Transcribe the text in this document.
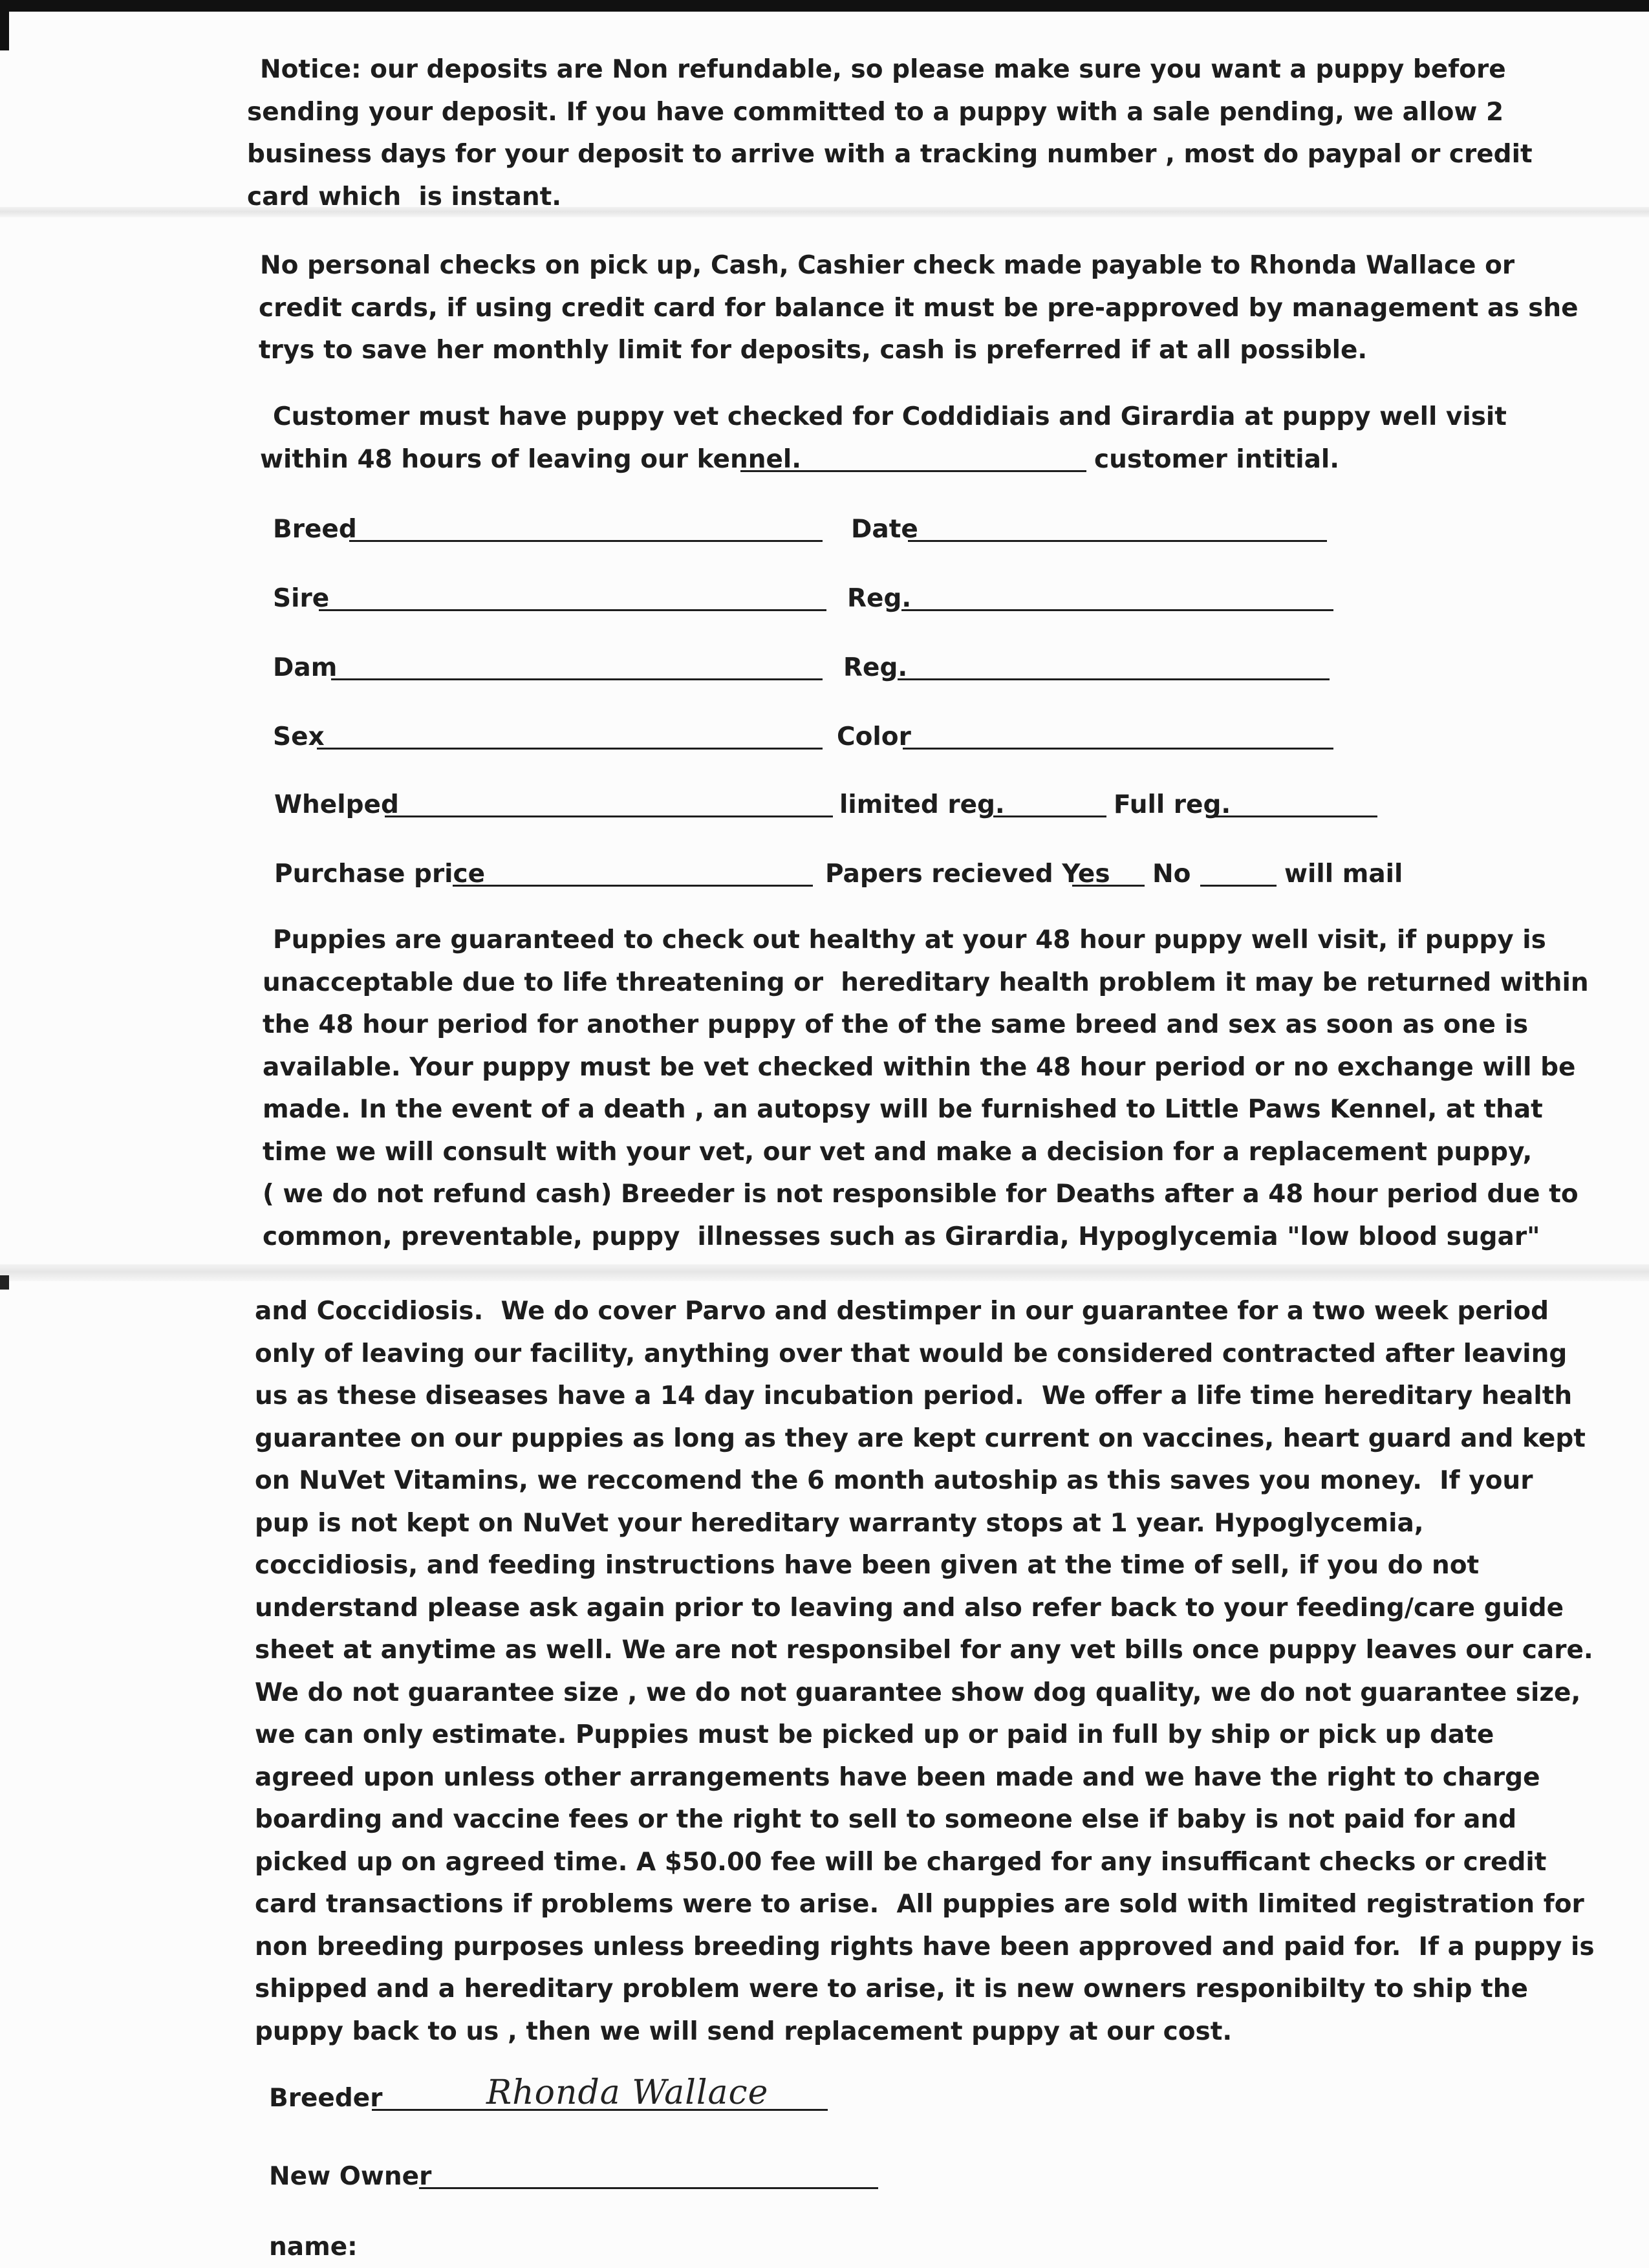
Notice: our deposits are Non refundable, so please make sure you want a puppy before
sending your deposit. If you have committed to a puppy with a sale pending, we allow 2
business days for your deposit to arrive with a tracking number , most do paypal or credit
card which  is instant.
No personal checks on pick up, Cash, Cashier check made payable to Rhonda Wallace or
credit cards, if using credit card for balance it must be pre-approved by management as she
trys to save her monthly limit for deposits, cash is preferred if at all possible.
Customer must have puppy vet checked for Coddidiais and Girardia at puppy well visit
within 48 hours of leaving our kennel.	customer intitial.
Breed	Date
Sire	Reg.
Dam	Reg.
Sex	Color
Whelped	limited reg.	Full reg.
Purchase price	Papers recieved Yes No	will mail
Puppies are guaranteed to check out healthy at your 48 hour puppy well visit, if puppy is
unacceptable due to life threatening or  hereditary health problem it may be returned within
the 48 hour period for another puppy of the of the same breed and sex as soon as one is
available. Your puppy must be vet checked within the 48 hour period or no exchange will be
made. In the event of a death , an autopsy will be furnished to Little Paws Kennel, at that
time we will consult with your vet, our vet and make a decision for a replacement puppy,
( we do not refund cash) Breeder is not responsible for Deaths after a 48 hour period due to
common, preventable, puppy  illnesses such as Girardia, Hypoglycemia "low blood sugar"
and Coccidiosis.  We do cover Parvo and destimper in our guarantee for a two week period
only of leaving our facility, anything over that would be considered contracted after leaving
us as these diseases have a 14 day incubation period.  We offer a life time hereditary health
guarantee on our puppies as long as they are kept current on vaccines, heart guard and kept
on NuVet Vitamins, we reccomend the 6 month autoship as this saves you money.  If your
pup is not kept on NuVet your hereditary warranty stops at 1 year. Hypoglycemia,
coccidiosis, and feeding instructions have been given at the time of sell, if you do not
understand please ask again prior to leaving and also refer back to your feeding/care guide
sheet at anytime as well. We are not responsibel for any vet bills once puppy leaves our care.
We do not guarantee size , we do not guarantee show dog quality, we do not guarantee size,
we can only estimate. Puppies must be picked up or paid in full by ship or pick up date
agreed upon unless other arrangements have been made and we have the right to charge
boarding and vaccine fees or the right to sell to someone else if baby is not paid for and
picked up on agreed time. A $50.00 fee will be charged for any insufficant checks or credit
card transactions if problems were to arise.  All puppies are sold with limited registration for
non breeding purposes unless breeding rights have been approved and paid for.  If a puppy is
shipped and a hereditary problem were to arise, it is new owners responibilty to ship the
puppy back to us , then we will send replacement puppy at our cost.
Breeder	Rhonda Wallace
New Owner
name:
